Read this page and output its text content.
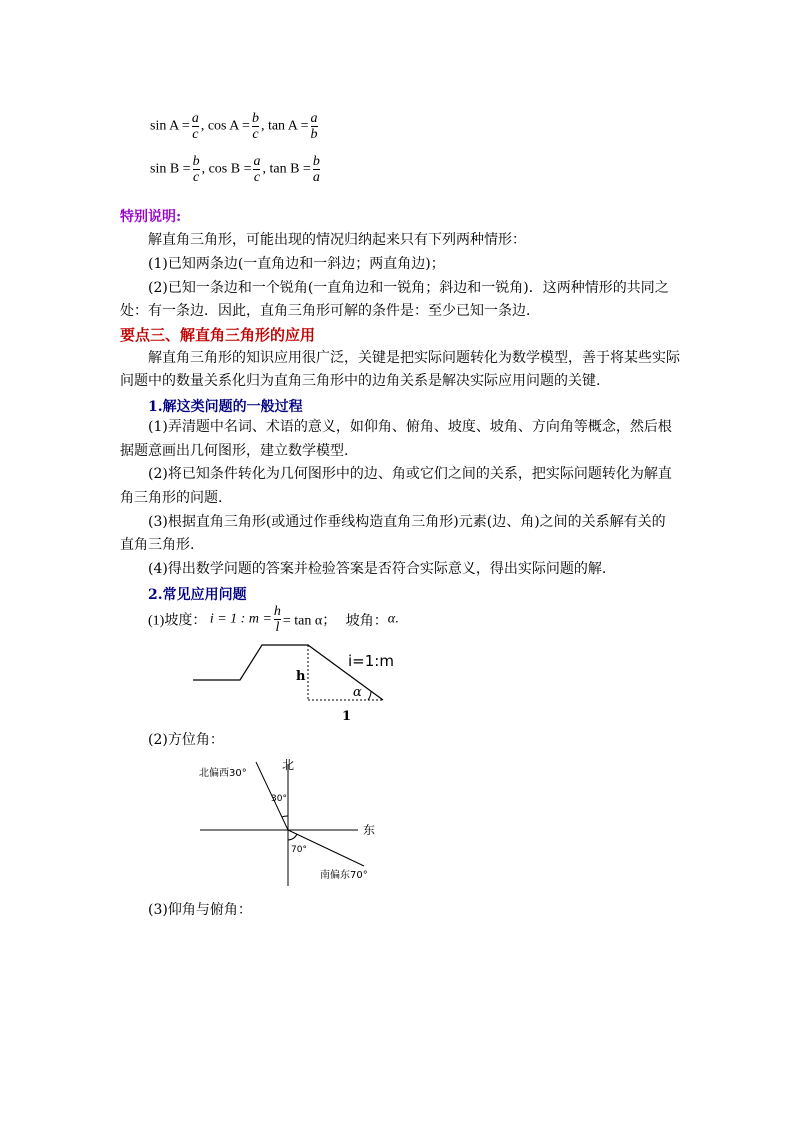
$\sin A = \frac{a}{c}$ , $\cos A = \frac{b}{c}$ , $\tan A = \frac{a}{b}$
$\sin B = \frac{b}{c}$ , $\cos B = \frac{a}{c}$ , $\tan B = \frac{b}{a}$
特别说明:
解直角三角形，可能出现的情况归纳起来只有下列两种情形：
(1)已知两条边(一直角边和一斜边；两直角边)；
(2)已知一条边和一个锐角(一直角边和一锐角；斜边和一锐角)．这两种情形的共同之
处：有一条边．因此，直角三角形可解的条件是：至少已知一条边．
要点三、解直角三角形的应用
解直角三角形的知识应用很广泛，关键是把实际问题转化为数学模型，善于将某些实际
问题中的数量关系化归为直角三角形中的边角关系是解决实际应用问题的关键.
1.解这类问题的一般过程
(1)弄清题中名词、术语的意义，如仰角、俯角、坡度、坡角、方向角等概念，然后根
据题意画出几何图形，建立数学模型.
(2)将已知条件转化为几何图形中的边、角或它们之间的关系，把实际问题转化为解直
角三角形的问题.
(3)根据直角三角形(或通过作垂线构造直角三角形)元素(边、角)之间的关系解有关的
直角三角形.
(4)得出数学问题的答案并检验答案是否符合实际意义，得出实际问题的解.
2.常见应用问题
(1)坡度： i = 1 : $m = \frac{h}{l} = \tan \alpha$； 坡角：α.
i=1:m
h
α
1
(2)方位角：
北
东
北偏西30°
30°
70°
南偏东70°
(3)仰角与俯角：
